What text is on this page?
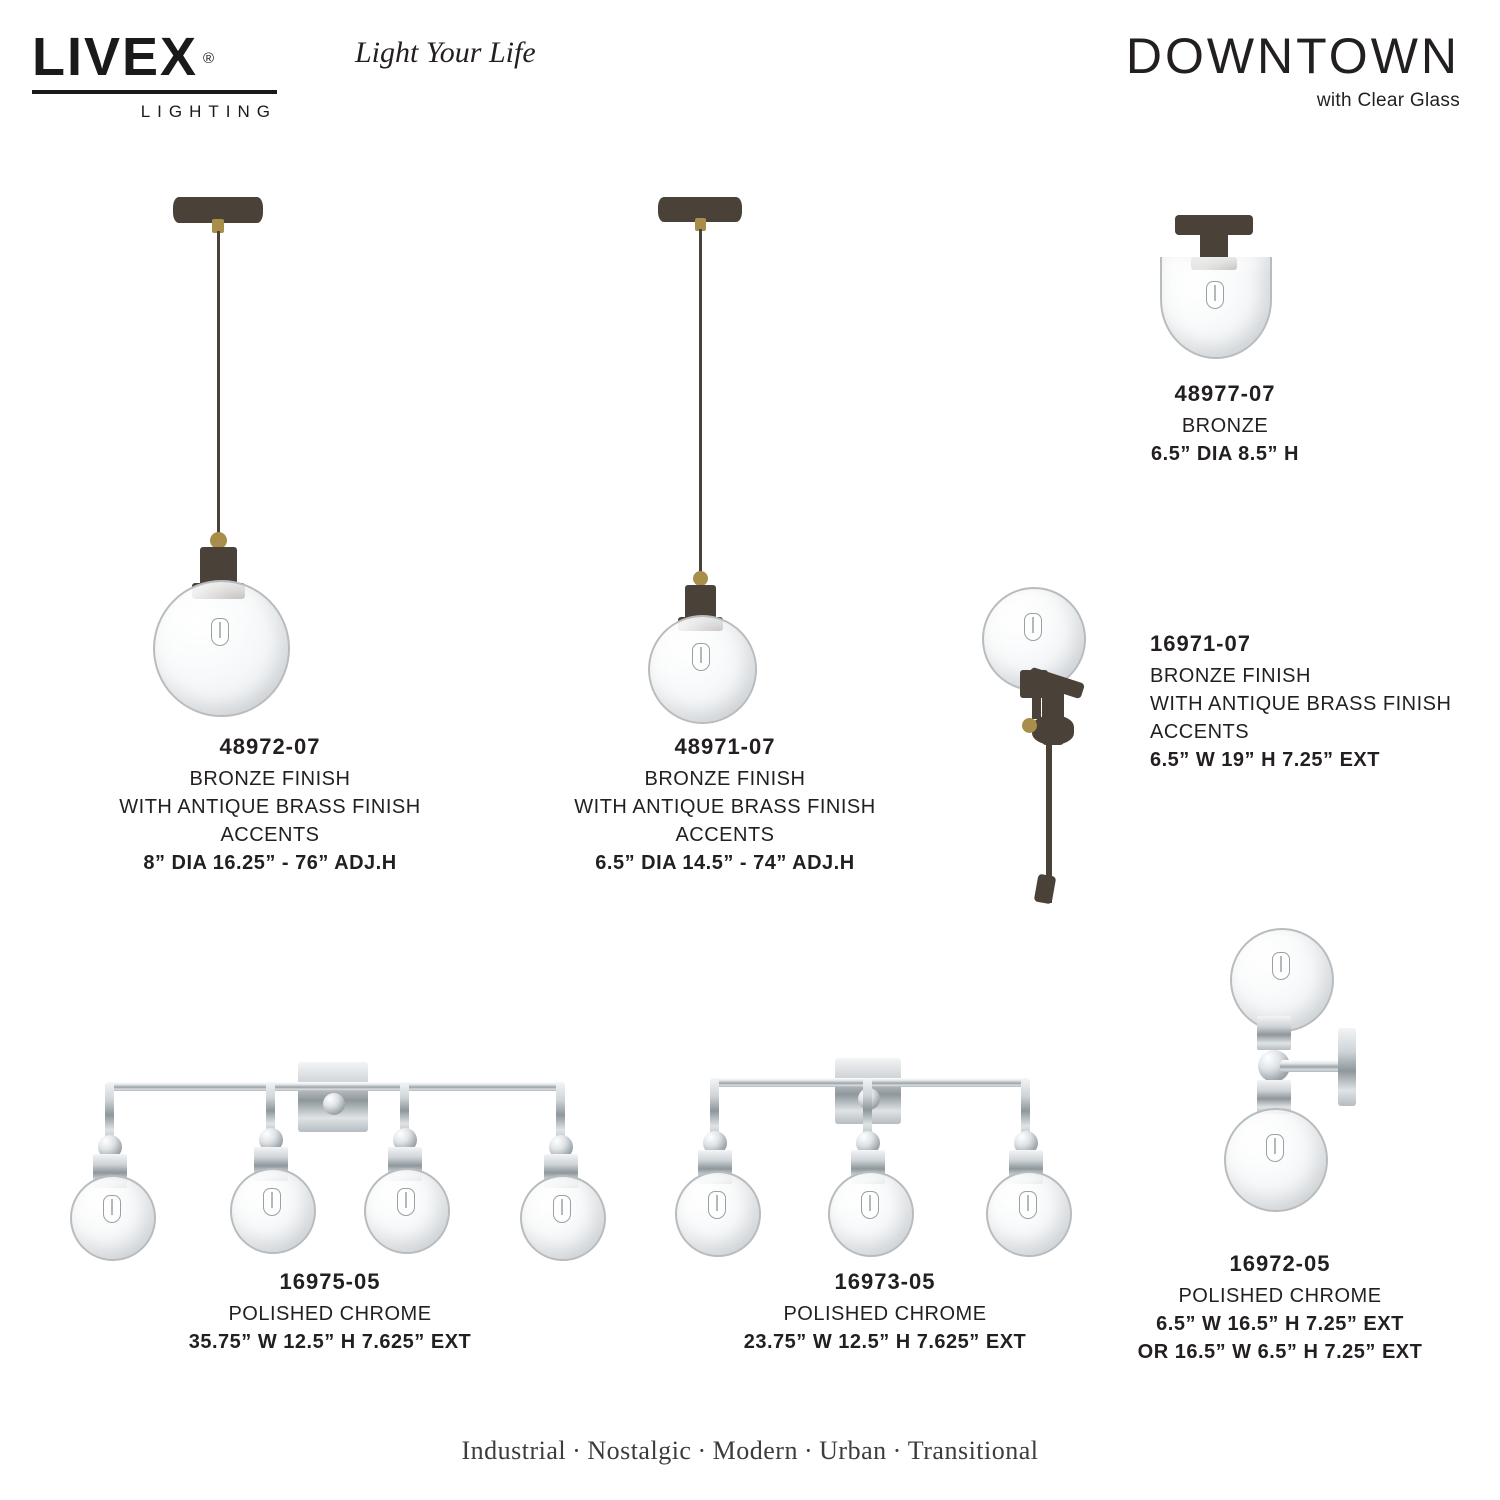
LIVEX ®
LIGHTING
Light Your Life	DOWNTOWN
with Clear Glass
48972-07
BRONZE FINISH
WITH ANTIQUE BRASS FINISH
ACCENTS
8” DIA 16.25” - 76” ADJ.H
48971-07
BRONZE FINISH
WITH ANTIQUE BRASS FINISH
ACCENTS
6.5” DIA 14.5” - 74” ADJ.H
48977-07
BRONZE
6.5” DIA 8.5” H
16971-07
BRONZE FINISH
WITH ANTIQUE BRASS FINISH
ACCENTS
6.5” W 19” H 7.25” EXT
16975-05
POLISHED CHROME
35.75” W 12.5” H 7.625” EXT
16973-05
POLISHED CHROME
23.75” W 12.5” H 7.625” EXT
16972-05
POLISHED CHROME
6.5” W 16.5” H 7.25” EXT
OR 16.5” W 6.5” H 7.25” EXT
Industrial · Nostalgic · Modern · Urban · Transitional
